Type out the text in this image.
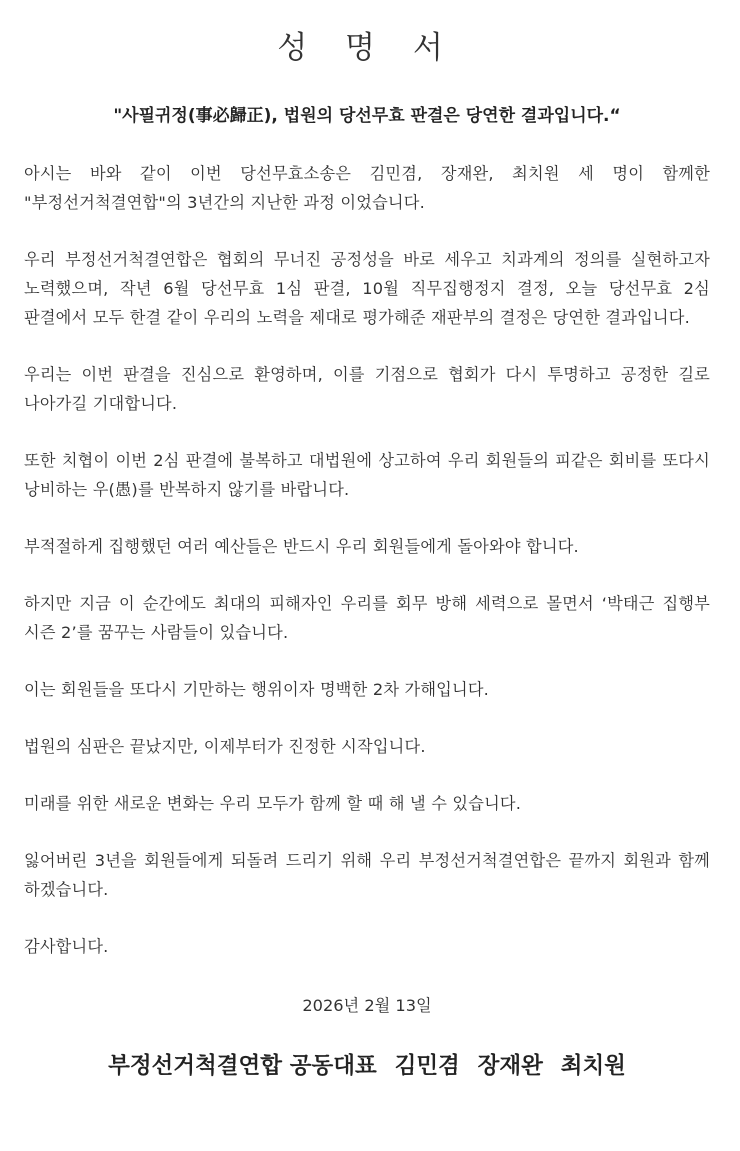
성 명 서

"사필귀정(事必歸正), 법원의 당선무효 판결은 당연한 결과입니다.“

아시는 바와 같이 이번 당선무효소송은 김민겸, 장재완, 최치원 세 명이 함께한 "부정선거척결연합"의 3년간의 지난한 과정 이었습니다.

우리 부정선거척결연합은 협회의 무너진 공정성을 바로 세우고 치과계의 정의를 실현하고자 노력했으며, 작년 6월 당선무효 1심 판결, 10월 직무집행정지 결정, 오늘 당선무효 2심 판결에서 모두 한결 같이 우리의 노력을 제대로 평가해준 재판부의 결정은 당연한 결과입니다.

우리는 이번 판결을 진심으로 환영하며, 이를 기점으로 협회가 다시 투명하고 공정한 길로 나아가길 기대합니다.

또한 치협이 이번 2심 판결에 불복하고 대법원에 상고하여 우리 회원들의 피같은 회비를 또다시 낭비하는 우(愚)를 반복하지 않기를 바랍니다.

부적절하게 집행했던 여러 예산들은 반드시 우리 회원들에게 돌아와야 합니다.

하지만 지금 이 순간에도 최대의 피해자인 우리를 회무 방해 세력으로 몰면서 ‘박태근 집행부 시즌 2’를 꿈꾸는 사람들이 있습니다.

이는 회원들을 또다시 기만하는 행위이자 명백한 2차 가해입니다.

법원의 심판은 끝났지만, 이제부터가 진정한 시작입니다.

미래를 위한 새로운 변화는 우리 모두가 함께 할 때 해 낼 수 있습니다.

잃어버린 3년을 회원들에게 되돌려 드리기 위해 우리 부정선거척결연합은 끝까지 회원과 함께 하겠습니다.

감사합니다.

2026년 2월 13일

부정선거척결연합 공동대표 김민겸 장재완 최치원
